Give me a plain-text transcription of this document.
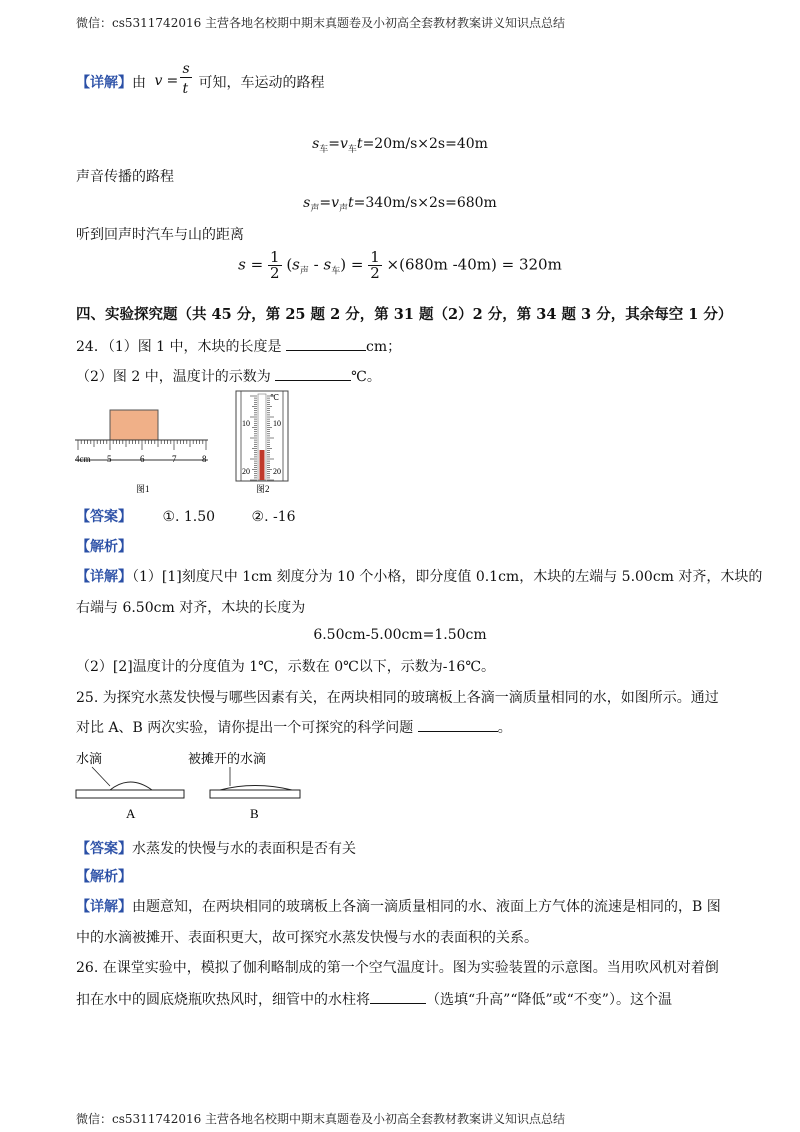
微信：cs5311742016 主营各地名校期中期末真题卷及小初高全套教材教案讲义知识点总结
【详解】由 v =
s
t 可知，车运动的路程
$s_车=v_车t=20m/s\times 2s=40m$
声音传播的路程
$s_声=v_声t=340m/s\times 2s=680m$
听到回声时汽车与山的距离
$s = \frac{1}{2} (s_声 - s_车) = \frac{1}{2} \times(680m$ -40m) = 320m
四、实验探究题（共 45 分，第 25 题 2 分，第 31 题（2）2 分，第 34 题 3 分，其余每空 1 分）
24．（1）图 1 中，木块的长度是	cm；
（2）图 2 中，温度计的示数为	℃。
4cm 5	6	7	8
图1
℃
10	10
20	20
图2
【答案】 ①. 1.50	②. -16
【解析】
【详解】（1）[1]刻度尺中 1cm 刻度分为 10 个小格，即分度值 0.1cm，木块的左端与 5.00cm 对齐，木块的
右端与 6.50cm 对齐，木块的长度为
6.50cm-5.00cm=1.50cm
（2）[2]温度计的分度值为 1℃，示数在 0℃以下，示数为-16℃。
25. 为探究水蒸发快慢与哪些因素有关，在两块相同的玻璃板上各滴一滴质量相同的水，如图所示。通过
对比 A、B 两次实验，请你提出一个可探究的科学问题	。
水滴	被摊开的水滴
A	B
【答案】水蒸发的快慢与水的表面积是否有关
【解析】
【详解】由题意知，在两块相同的玻璃板上各滴一滴质量相同的水、液面上方气体的流速是相同的，B 图
中的水滴被摊开、表面积更大，故可探究水蒸发快慢与水的表面积的关系。
26. 在课堂实验中，模拟了伽利略制成的第一个空气温度计。图为实验装置的示意图。当用吹风机对着倒
扣在水中的圆底烧瓶吹热风时，细管中的水柱将	（选填“升高”“降低”或“不变”）。这个温
微信：cs5311742016 主营各地名校期中期末真题卷及小初高全套教材教案讲义知识点总结
